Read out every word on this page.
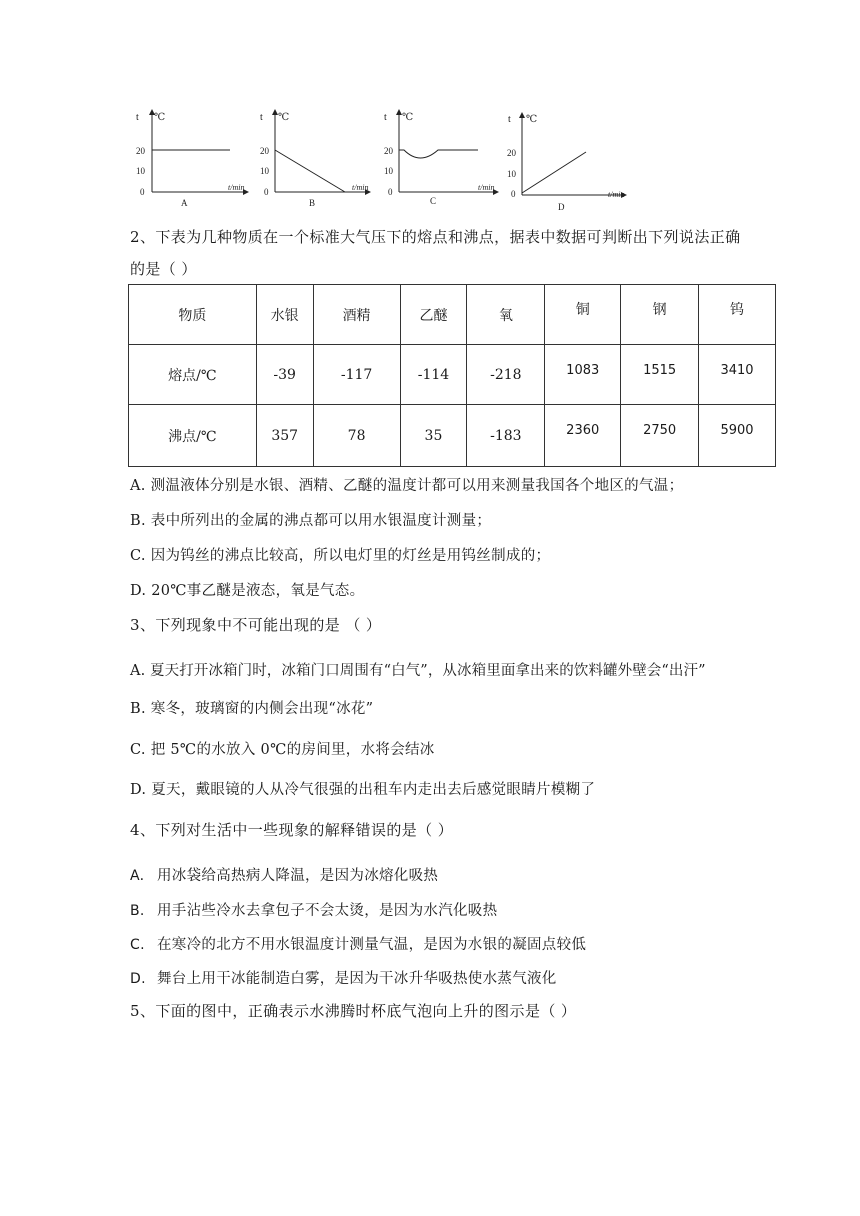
t ℃
20
10
0	t/min
A
t ℃
20
10
0	t/min
B
t ℃
20
10
0	t/min
C
t ℃
20
10
0	t/min
D
2、下表为几种物质在一个标准大气压下的熔点和沸点，据表中数据可判断出下列说法正确
的是（ ）
物质	水银	酒精	乙醚	氧	铜	钢	钨
熔点/℃	-39	-117	-114	-218	1083	1515	3410
沸点/℃	357	78	35	-183	2360	2750	5900
A. 测温液体分别是水银、酒精、乙醚的温度计都可以用来测量我国各个地区的气温；
B. 表中所列出的金属的沸点都可以用水银温度计测量；
C. 因为钨丝的沸点比较高，所以电灯里的灯丝是用钨丝制成的；
D. 20℃事乙醚是液态，氧是气态。
3、下列现象中不可能出现的是 （ ）
A. 夏天打开冰箱门时，冰箱门口周围有“白气”，从冰箱里面拿出来的饮料罐外壁会“出汗”
B. 寒冬，玻璃窗的内侧会出现“冰花”
C. 把 5℃的水放入 0℃的房间里，水将会结冰
D. 夏天，戴眼镜的人从冷气很强的出租车内走出去后感觉眼睛片模糊了
4、下列对生活中一些现象的解释错误的是（ ）
A. 用冰袋给高热病人降温，是因为冰熔化吸热
B. 用手沾些冷水去拿包子不会太烫，是因为水汽化吸热
C. 在寒冷的北方不用水银温度计测量气温，是因为水银的凝固点较低
D. 舞台上用干冰能制造白雾，是因为干冰升华吸热使水蒸气液化
5、下面的图中，正确表示水沸腾时杯底气泡向上升的图示是（ ）
